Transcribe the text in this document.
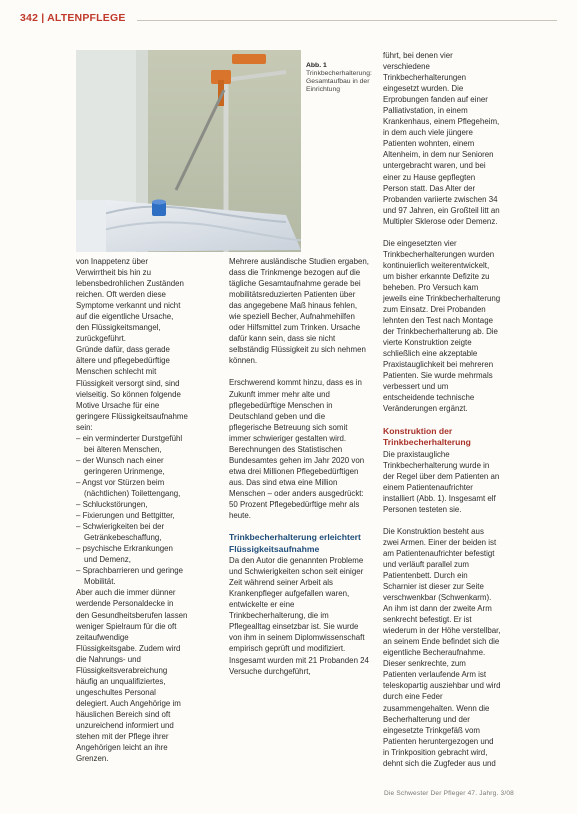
342 | ALTENPFLEGE
Abb. 1 Trinkbecherhalterung: Gesamtaufbau in der Einrichtung

von Inappetenz über Verwirrtheit bis hin zu lebensbedrohlichen Zuständen reichen. Oft werden diese Symptome verkannt und nicht auf die eigentliche Ursache, den Flüssigkeitsmangel, zurückgeführt.

Gründe dafür, dass gerade ältere und pflegebedürftige Menschen schlecht mit Flüssigkeit versorgt sind, sind vielseitig. So können folgende Motive Ursache für eine geringere Flüssigkeitsaufnahme sein:

– ein verminderter Durstgefühl bei älteren Menschen,

– der Wunsch nach einer geringeren Urinmenge,

– Angst vor Stürzen beim (nächtlichen) Toilettengang,

– Schluckstörungen,

– Fixierungen und Bettgitter,

– Schwierigkeiten bei der Getränkebeschaffung,

– psychische Erkrankungen und Demenz,

– Sprachbarrieren und geringe Mobilität.

Aber auch die immer dünner werdende Personaldecke in den Gesundheitsberufen lassen weniger Spielraum für die oft zeitaufwendige Flüssigkeitsgabe. Zudem wird die Nahrungs- und Flüssigkeitsverabreichung häufig an unqualifiziertes, ungeschultes Personal delegiert. Auch Angehörige im häuslichen Bereich sind oft unzureichend informiert und stehen mit der Pflege ihrer Angehörigen leicht an ihre Grenzen.

Mehrere ausländische Studien ergaben, dass die Trinkmenge bezogen auf die tägliche Gesamtaufnahme gerade bei mobilitätsreduzierten Patienten über das angegebene Maß hinaus fehlen, wie speziell Becher, Aufnahmehilfen oder Hilfsmittel zum Trinken. Ursache dafür kann sein, dass sie nicht selbständig Flüssigkeit zu sich nehmen können.

Erschwerend kommt hinzu, dass es in Zukunft immer mehr alte und pflegebedürftige Menschen in Deutschland geben und die pflegerische Betreuung sich somit immer schwieriger gestalten wird. Berechnungen des Statistischen Bundesamtes gehen im Jahr 2020 von etwa drei Millionen Pflegebedürftigen aus. Das sind etwa eine Million Menschen – oder anders ausgedrückt: 50 Prozent Pflegebedürftige mehr als heute.

Trinkbecherhalterung erleichtert Flüssigkeitsaufnahme

Da den Autor die genannten Probleme und Schwierigkeiten schon seit einiger Zeit während seiner Arbeit als Krankenpfleger aufgefallen waren, entwickelte er eine Trinkbecherhalterung, die im Pflegealltag einsetzbar ist. Sie wurde von ihm in seinem Diplomwissenschaft empirisch geprüft und modifiziert. Insgesamt wurden mit 21 Probanden 24 Versuche durchgeführt,

führt, bei denen vier verschiedene Trinkbecherhalterungen eingesetzt wurden. Die Erprobungen fanden auf einer Palliativstation, in einem Krankenhaus, einem Pflegeheim, in dem auch viele jüngere Patienten wohnten, einem Altenheim, in dem nur Senioren untergebracht waren, und bei einer zu Hause gepflegten Person statt. Das Alter der Probanden variierte zwischen 34 und 97 Jahren, ein Großteil litt an Multipler Sklerose oder Demenz.

Die eingesetzten vier Trinkbecherhalterungen wurden kontinuierlich weiterentwickelt, um bisher erkannte Defizite zu beheben. Pro Versuch kam jeweils eine Trinkbecherhalterung zum Einsatz. Drei Probanden lehnten den Test nach Montage der Trinkbecherhalterung ab. Die vierte Konstruktion zeigte schließlich eine akzeptable Praxistauglichkeit bei mehreren Patienten. Sie wurde mehrmals verbessert und um entscheidende technische Veränderungen ergänzt.

Konstruktion der Trinkbecherhalterung

Die praxistaugliche Trinkbecherhalterung wurde in der Regel über dem Patienten an einem Patientenaufrichter installiert (Abb. 1). Insgesamt elf Personen testeten sie.

Die Konstruktion besteht aus zwei Armen. Einer der beiden ist am Patientenaufrichter befestigt und verläuft parallel zum Patientenbett. Durch ein Scharnier ist dieser zur Seite verschwenkbar (Schwenkarm). An ihm ist dann der zweite Arm senkrecht befestigt. Er ist wiederum in der Höhe verstellbar, an seinem Ende befindet sich die eigentliche Becheraufnahme. Dieser senkrechte, zum Patienten verlaufende Arm ist teleskopartig ausziehbar und wird durch eine Feder zusammengehalten. Wenn die Becherhalterung und der eingesetzte Trinkgefäß vom Patienten heruntergezogen und in Trinkposition gebracht wird, dehnt sich die Zugfeder aus und

Die Schwester Der Pfleger 47. Jahrg. 3/08
